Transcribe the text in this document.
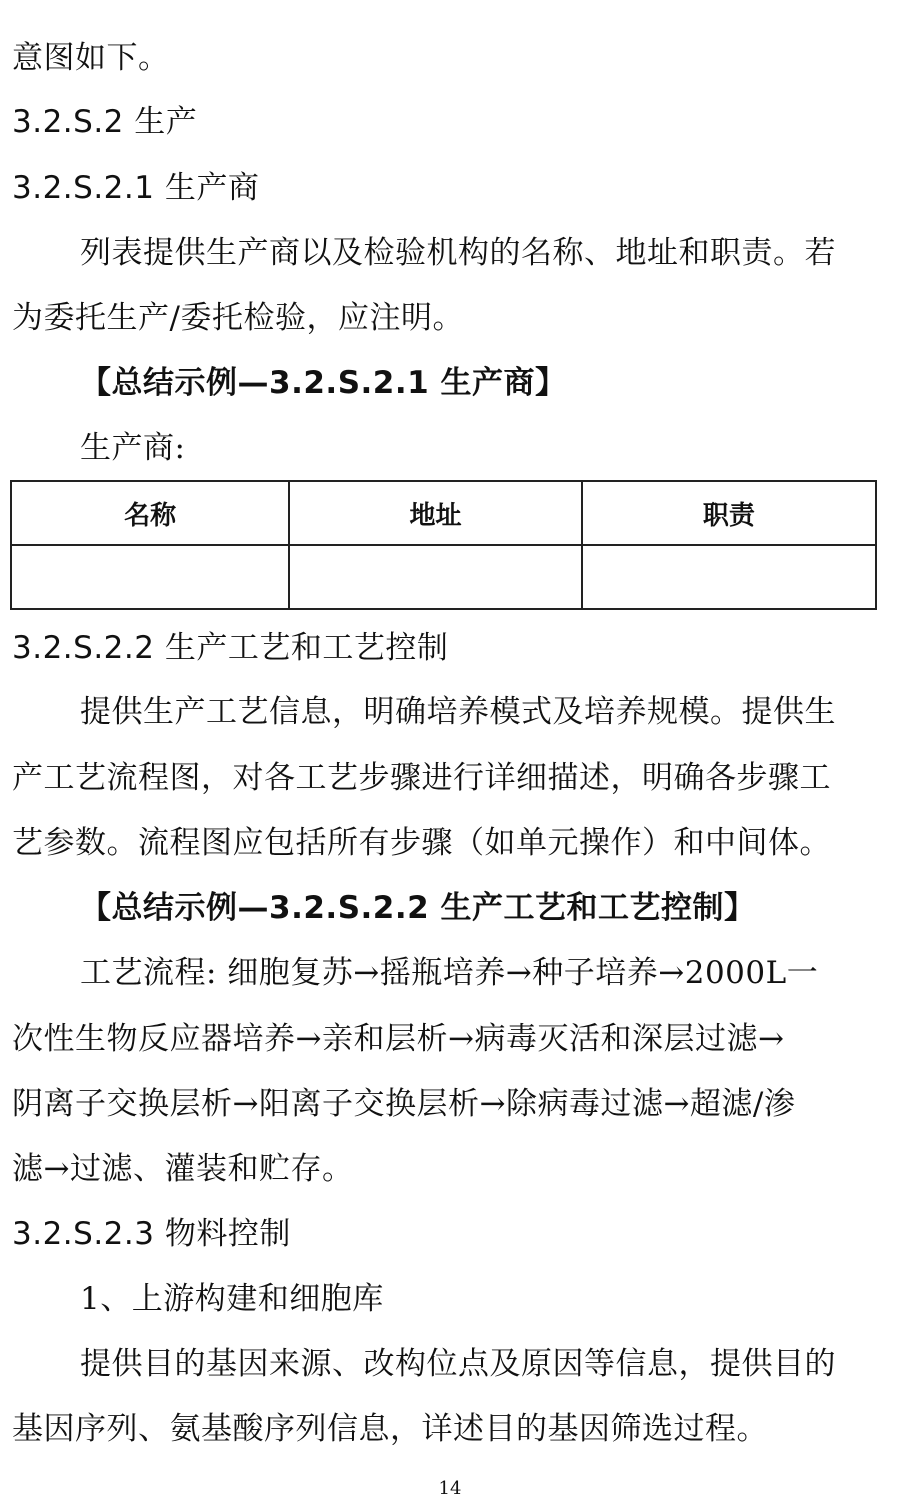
意图如下。
3.2.S.2 生产
3.2.S.2.1 生产商
列表提供生产商以及检验机构的名称、地址和职责。若
为委托生产/委托检验，应注明。
【总结示例—3.2.S.2.1 生产商】
生产商:
名称	地址	职责

3.2.S.2.2 生产工艺和工艺控制
提供生产工艺信息，明确培养模式及培养规模。提供生
产工艺流程图，对各工艺步骤进行详细描述，明确各步骤工
艺参数。流程图应包括所有步骤（如单元操作）和中间体。
【总结示例—3.2.S.2.2 生产工艺和工艺控制】
工艺流程: 细胞复苏→摇瓶培养→种子培养→2000L一
次性生物反应器培养→亲和层析→病毒灭活和深层过滤→
阴离子交换层析→阳离子交换层析→除病毒过滤→超滤/渗
滤→过滤、灌装和贮存。
3.2.S.2.3 物料控制
1、上游构建和细胞库
提供目的基因来源、改构位点及原因等信息，提供目的
基因序列、氨基酸序列信息，详述目的基因筛选过程。
14
